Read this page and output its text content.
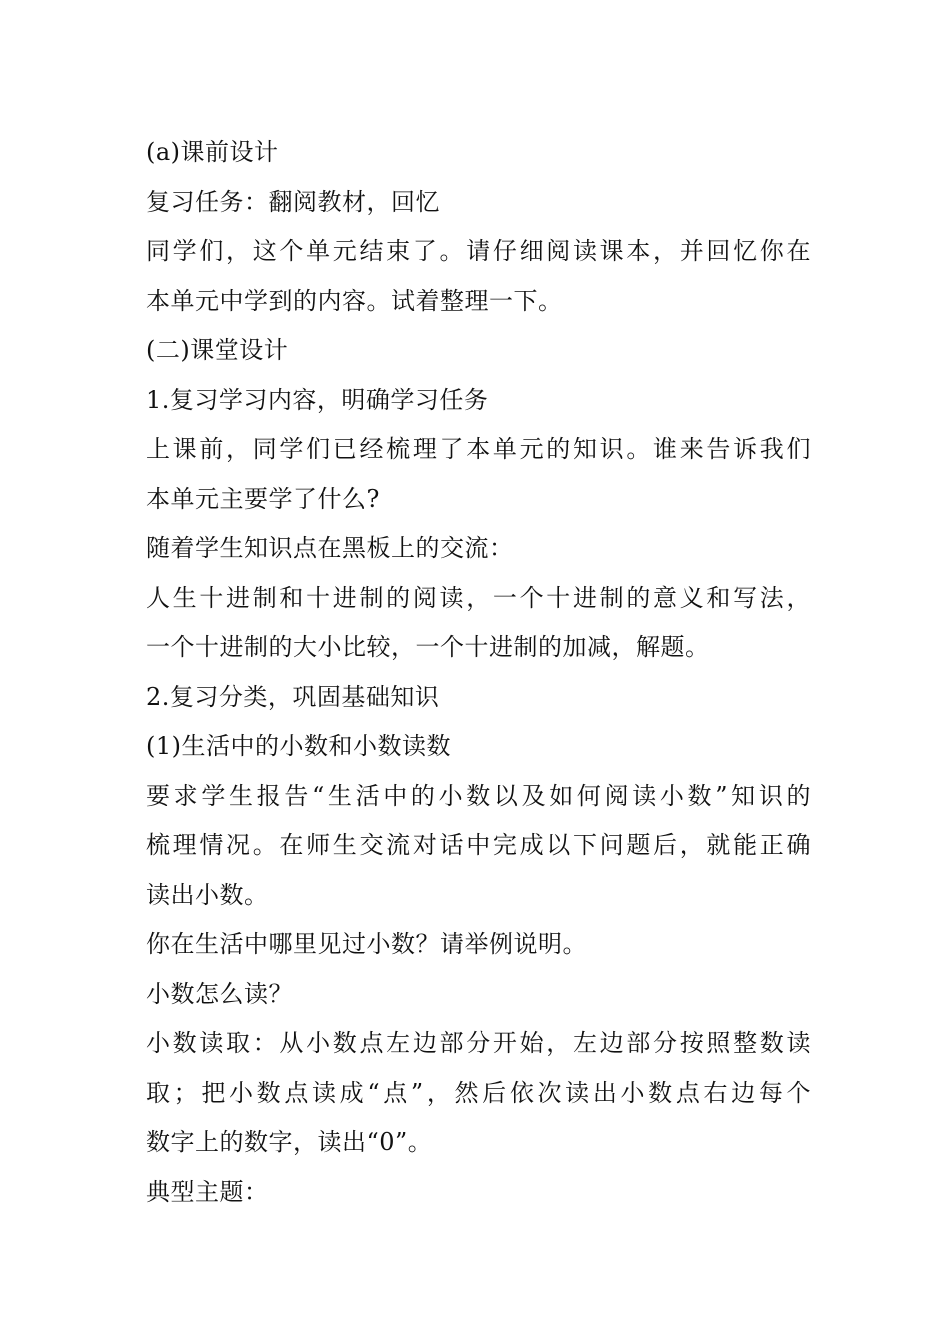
(a)课前设计
复习任务：翻阅教材，回忆
同学们，这个单元结束了。请仔细阅读课本，并回忆你在
本单元中学到的内容。试着整理一下。
(二)课堂设计
1.复习学习内容，明确学习任务
上课前，同学们已经梳理了本单元的知识。谁来告诉我们
本单元主要学了什么?
随着学生知识点在黑板上的交流：
人生十进制和十进制的阅读，一个十进制的意义和写法，
一个十进制的大小比较，一个十进制的加减，解题。
2.复习分类，巩固基础知识
(1)生活中的小数和小数读数
要求学生报告“生活中的小数以及如何阅读小数”知识的
梳理情况。在师生交流对话中完成以下问题后，就能正确
读出小数。
你在生活中哪里见过小数？请举例说明。
小数怎么读？
小数读取：从小数点左边部分开始，左边部分按照整数读
取；把小数点读成“点”，然后依次读出小数点右边每个
数字上的数字，读出“0”。
典型主题：
